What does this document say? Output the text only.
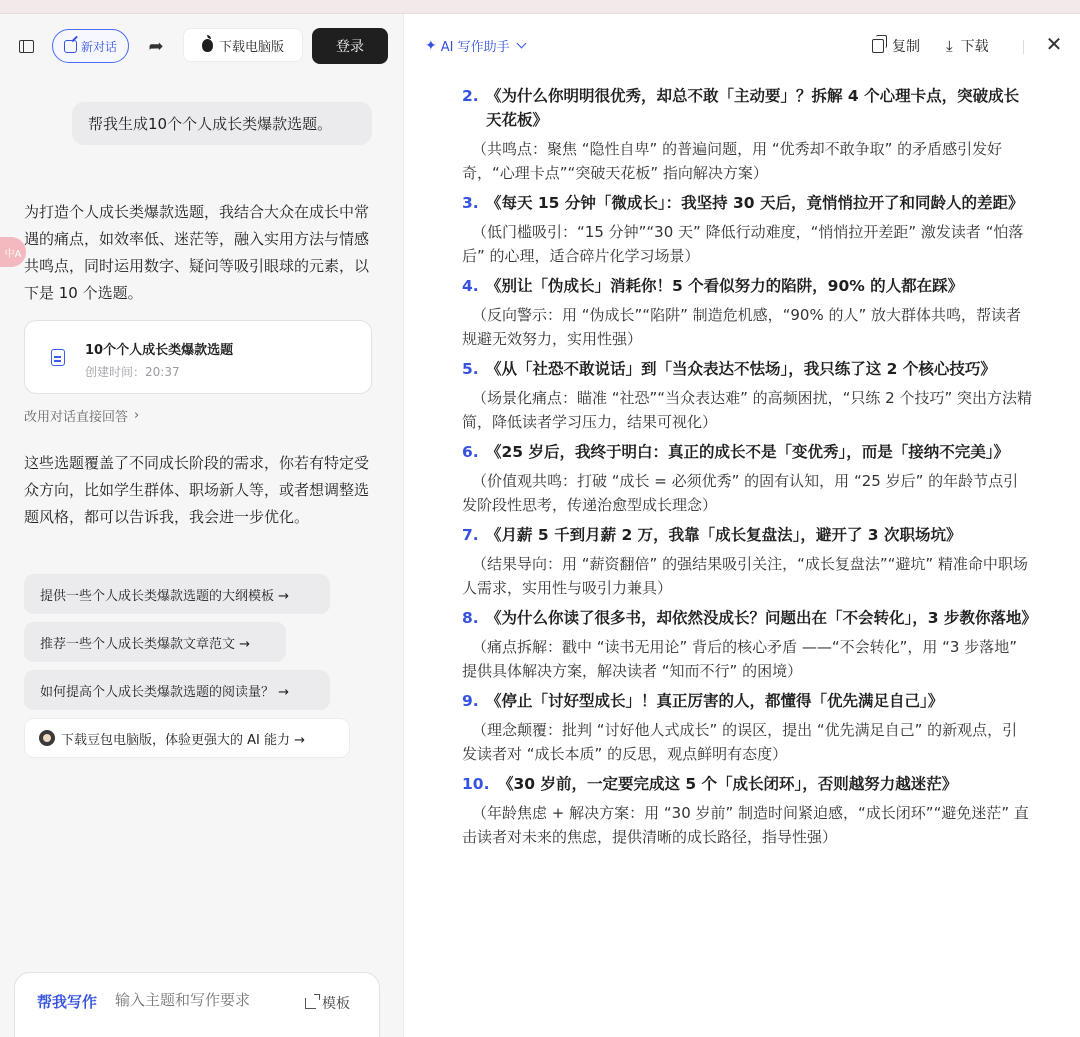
新对话 ➦	下载电脑版	登录
帮我生成10个个人成长类爆款选题。
中A
为打造个人成长类爆款选题，我结合大众在成长中常遇的痛点，如效率低、迷茫等，融入实用方法与情感共鸣点，同时运用数字、疑问等吸引眼球的元素，以下是 10 个选题。
10个个人成长类爆款选题
创建时间：20:37
改用对话直接回答 ›
这些选题覆盖了不同成长阶段的需求，你若有特定受众方向，比如学生群体、职场新人等，或者想调整选题风格，都可以告诉我，我会进一步优化。
提供一些个人成长类爆款选题的大纲模板 →
推荐一些个人成长类爆款文章范文 →
如何提高个人成长类爆款选题的阅读量？ →
下载豆包电脑版，体验更强大的 AI 能力 →
帮我写作
输入主题和写作要求	模板
✦ AI 写作助手	复制 ⤓ 下载	✕
2. 《为什么你明明很优秀，却总不敢「主动要」？拆解 4 个心理卡点，突破成长天花板》
（共鸣点：聚焦 “隐性自卑” 的普遍问题，用 “优秀却不敢争取” 的矛盾感引发好奇，“心理卡点”“突破天花板” 指向解决方案）
3. 《每天 15 分钟「微成长」：我坚持 30 天后，竟悄悄拉开了和同龄人的差距》
（低门槛吸引：“15 分钟”“30 天” 降低行动难度，“悄悄拉开差距” 激发读者 “怕落后” 的心理，适合碎片化学习场景）
4. 《别让「伪成长」消耗你！5 个看似努力的陷阱，90% 的人都在踩》
（反向警示：用 “伪成长”“陷阱” 制造危机感，“90% 的人” 放大群体共鸣，帮读者规避无效努力，实用性强）
5. 《从「社恐不敢说话」到「当众表达不怯场」，我只练了这 2 个核心技巧》
（场景化痛点：瞄准 “社恐”“当众表达难” 的高频困扰，“只练 2 个技巧” 突出方法精简，降低读者学习压力，结果可视化）
6. 《25 岁后，我终于明白：真正的成长不是「变优秀」，而是「接纳不完美」》
（价值观共鸣：打破 “成长 = 必须优秀” 的固有认知，用 “25 岁后” 的年龄节点引发阶段性思考，传递治愈型成长理念）
7. 《月薪 5 千到月薪 2 万，我靠「成长复盘法」，避开了 3 次职场坑》
（结果导向：用 “薪资翻倍” 的强结果吸引关注，“成长复盘法”“避坑” 精准命中职场人需求，实用性与吸引力兼具）
8. 《为什么你读了很多书，却依然没成长？问题出在「不会转化」，3 步教你落地》
（痛点拆解：戳中 “读书无用论” 背后的核心矛盾 ——“不会转化”，用 “3 步落地” 提供具体解决方案，解决读者 “知而不行” 的困境）
9. 《停止「讨好型成长」！真正厉害的人，都懂得「优先满足自己」》
（理念颠覆：批判 “讨好他人式成长” 的误区，提出 “优先满足自己” 的新观点，引发读者对 “成长本质” 的反思，观点鲜明有态度）
10. 《30 岁前，一定要完成这 5 个「成长闭环」，否则越努力越迷茫》
（年龄焦虑 + 解决方案：用 “30 岁前” 制造时间紧迫感，“成长闭环”“避免迷茫” 直击读者对未来的焦虑，提供清晰的成长路径，指导性强）
